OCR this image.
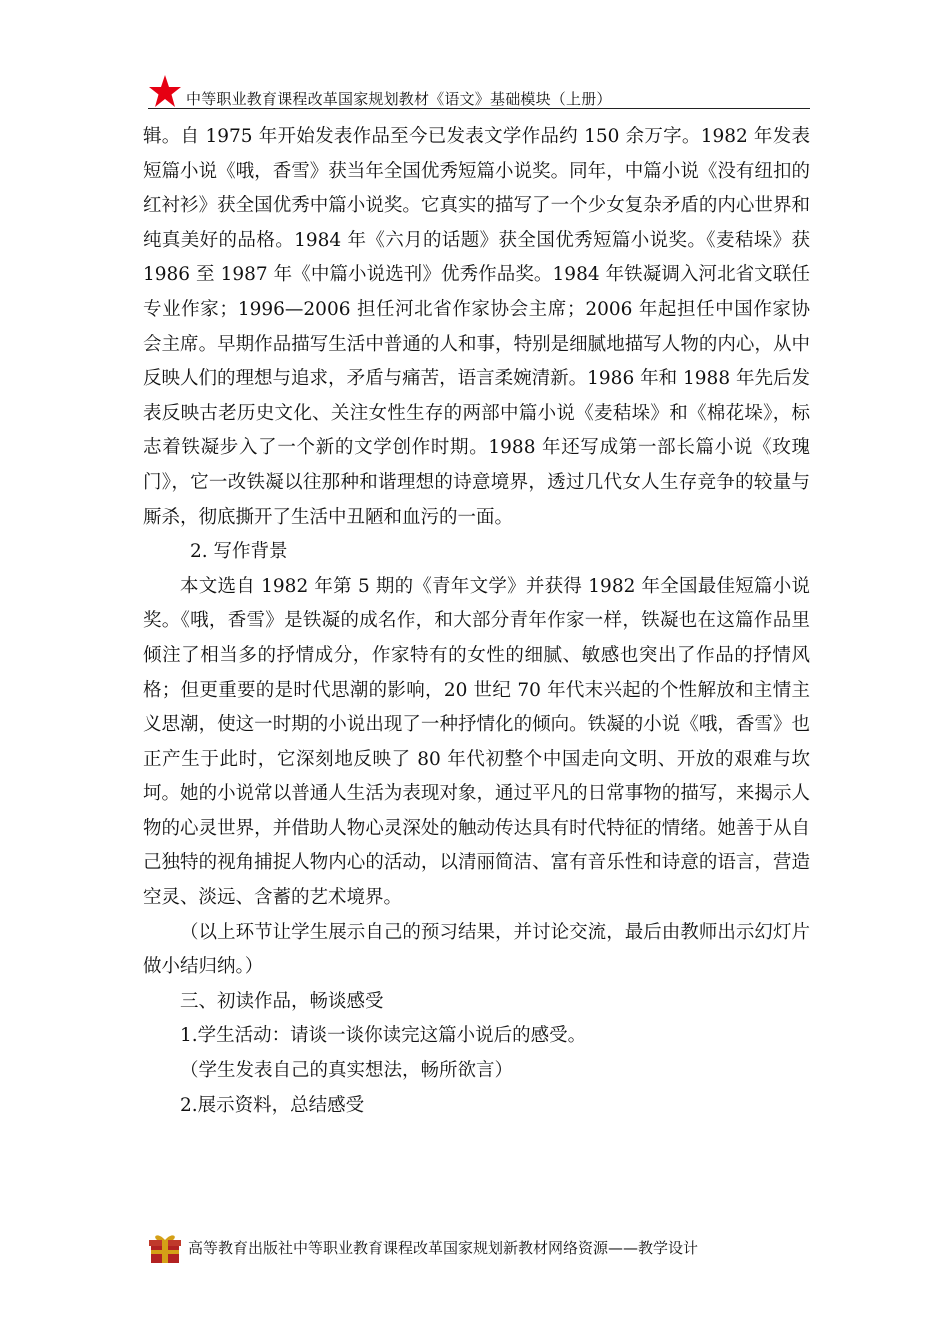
中等职业教育课程改革国家规划教材《语文》基础模块（上册）

辑。自 1975 年开始发表作品至今已发表文学作品约 150 余万字。1982 年发表短篇小说《哦，香雪》获当年全国优秀短篇小说奖。同年，中篇小说《没有纽扣的红衬衫》获全国优秀中篇小说奖。它真实的描写了一个少女复杂矛盾的内心世界和纯真美好的品格。1984 年《六月的话题》获全国优秀短篇小说奖。《麦秸垛》获 1986 至 1987 年《中篇小说选刊》优秀作品奖。1984 年铁凝调入河北省文联任专业作家；1996—2006 担任河北省作家协会主席；2006 年起担任中国作家协会主席。早期作品描写生活中普通的人和事，特别是细腻地描写人物的内心，从中反映人们的理想与追求，矛盾与痛苦，语言柔婉清新。1986 年和 1988 年先后发表反映古老历史文化、关注女性生存的两部中篇小说《麦秸垛》和《棉花垛》，标志着铁凝步入了一个新的文学创作时期。1988 年还写成第一部长篇小说《玫瑰门》，它一改铁凝以往那种和谐理想的诗意境界，透过几代女人生存竞争的较量与厮杀，彻底撕开了生活中丑陋和血污的一面。

2. 写作背景

本文选自 1982 年第 5 期的《青年文学》并获得 1982 年全国最佳短篇小说奖。《哦，香雪》是铁凝的成名作，和大部分青年作家一样，铁凝也在这篇作品里倾注了相当多的抒情成分，作家特有的女性的细腻、敏感也突出了作品的抒情风格；但更重要的是时代思潮的影响，20 世纪 70 年代末兴起的个性解放和主情主义思潮，使这一时期的小说出现了一种抒情化的倾向。铁凝的小说《哦，香雪》也正产生于此时，它深刻地反映了 80 年代初整个中国走向文明、开放的艰难与坎坷。她的小说常以普通人生活为表现对象，通过平凡的日常事物的描写，来揭示人物的心灵世界，并借助人物心灵深处的触动传达具有时代特征的情绪。她善于从自己独特的视角捕捉人物内心的活动，以清丽简洁、富有音乐性和诗意的语言，营造空灵、淡远、含蓄的艺术境界。

（以上环节让学生展示自己的预习结果，并讨论交流，最后由教师出示幻灯片做小结归纳。）

三、初读作品，畅谈感受

1.学生活动：请谈一谈你读完这篇小说后的感受。

（学生发表自己的真实想法，畅所欲言）

2.展示资料，总结感受

高等教育出版社中等职业教育课程改革国家规划新教材网络资源——教学设计
